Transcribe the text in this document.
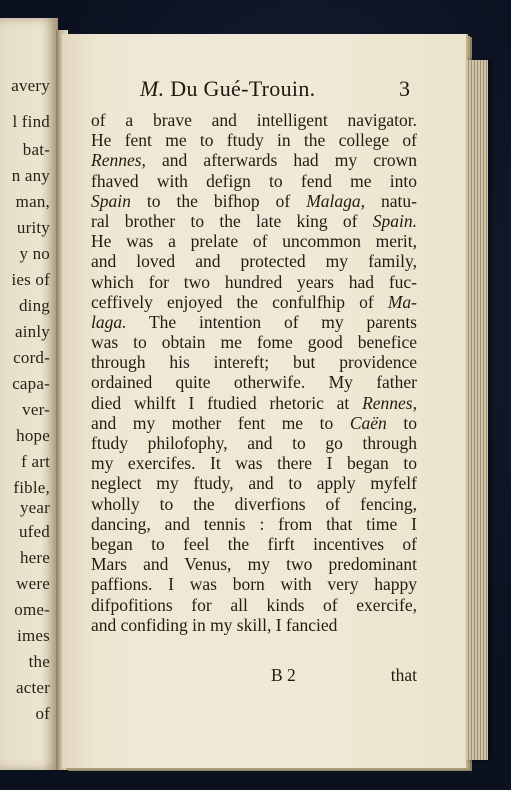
avery
l find
bat-
n any
man,
urity
y no
ies of
ding
ainly
cord-
capa-
ver-
hope
f art
fible,
year
ufed
here
were
ome-
imes
the
acter
of
M. Du Gué-Trouin.	3
of a brave and intelligent navigator.
He fent me to ftudy in the college of
Rennes, and afterwards had my crown
fhaved with defign to fend me into
Spain to the bifhop of Malaga, natu-
ral brother to the late king of Spain.
He was a prelate of uncommon merit,
and loved and protected my family,
which for two hundred years had fuc-
ceffively enjoyed the confulfhip of Ma-
laga. The intention of my parents
was to obtain me fome good benefice
through his intereft; but providence
ordained quite otherwife. My father
died whilft I ftudied rhetoric at Rennes,
and my mother fent me to Caën to
ftudy philofophy, and to go through
my exercifes. It was there I began to
neglect my ftudy, and to apply myfelf
wholly to the diverfions of fencing,
dancing, and tennis : from that time I
began to feel the firft incentives of
Mars and Venus, my two predominant
paffions. I was born with very happy
difpofitions for all kinds of exercife,
and confiding in my skill, I fancied
B 2	that
